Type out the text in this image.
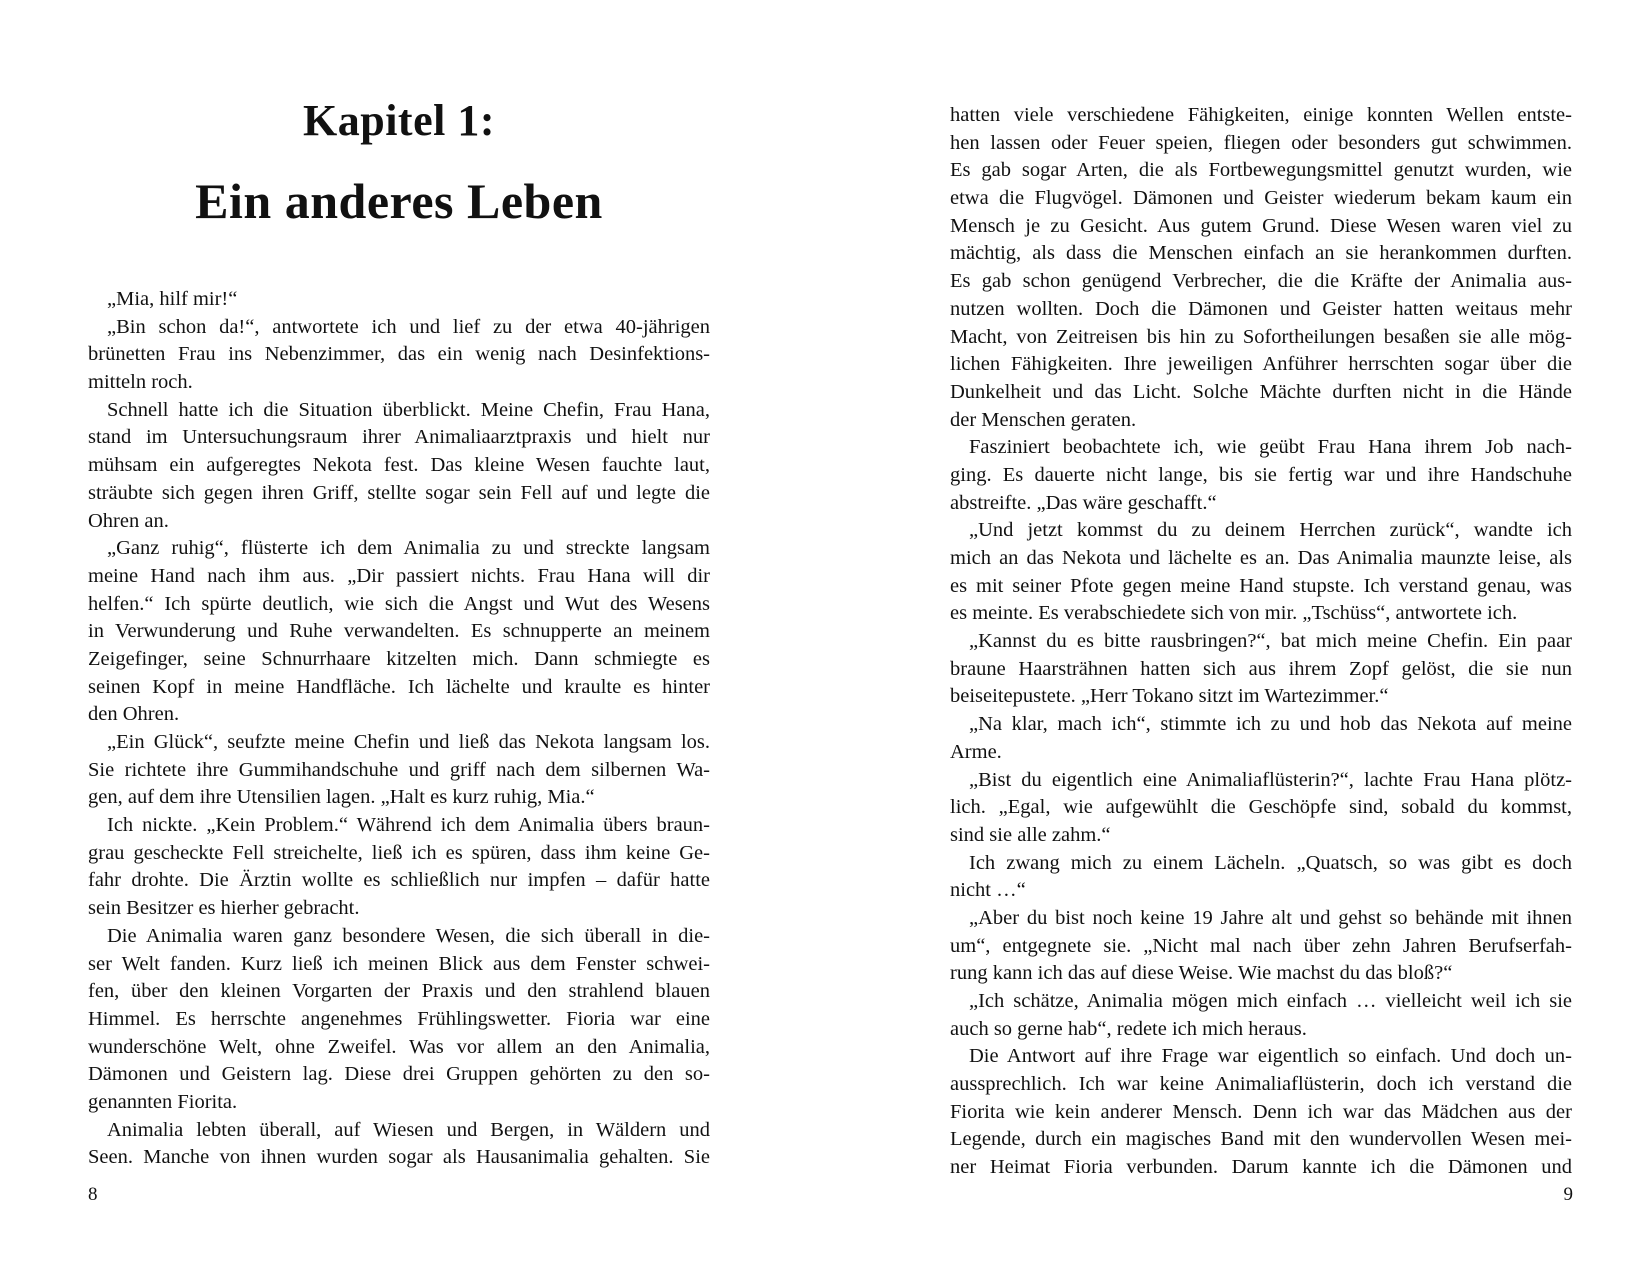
Kapitel 1:
Ein anderes Leben
„Mia, hilf mir!“
„Bin schon da!“, antwortete ich und lief zu der etwa 40-jährigen
brünetten Frau ins Nebenzimmer, das ein wenig nach Desinfektions-
mitteln roch.
Schnell hatte ich die Situation überblickt. Meine Chefin, Frau Hana,
stand im Untersuchungsraum ihrer Animaliaarztpraxis und hielt nur
mühsam ein aufgeregtes Nekota fest. Das kleine Wesen fauchte laut,
sträubte sich gegen ihren Griff, stellte sogar sein Fell auf und legte die
Ohren an.
„Ganz ruhig“, flüsterte ich dem Animalia zu und streckte langsam
meine Hand nach ihm aus. „Dir passiert nichts. Frau Hana will dir
helfen.“ Ich spürte deutlich, wie sich die Angst und Wut des Wesens
in Verwunderung und Ruhe verwandelten. Es schnupperte an meinem
Zeigefinger, seine Schnurrhaare kitzelten mich. Dann schmiegte es
seinen Kopf in meine Handfläche. Ich lächelte und kraulte es hinter
den Ohren.
„Ein Glück“, seufzte meine Chefin und ließ das Nekota langsam los.
Sie richtete ihre Gummihandschuhe und griff nach dem silbernen Wa-
gen, auf dem ihre Utensilien lagen. „Halt es kurz ruhig, Mia.“
Ich nickte. „Kein Problem.“ Während ich dem Animalia übers braun-
grau gescheckte Fell streichelte, ließ ich es spüren, dass ihm keine Ge-
fahr drohte. Die Ärztin wollte es schließlich nur impfen – dafür hatte
sein Besitzer es hierher gebracht.
Die Animalia waren ganz besondere Wesen, die sich überall in die-
ser Welt fanden. Kurz ließ ich meinen Blick aus dem Fenster schwei-
fen, über den kleinen Vorgarten der Praxis und den strahlend blauen
Himmel. Es herrschte angenehmes Frühlingswetter. Fioria war eine
wunderschöne Welt, ohne Zweifel. Was vor allem an den Animalia,
Dämonen und Geistern lag. Diese drei Gruppen gehörten zu den so-
genannten Fiorita.
Animalia lebten überall, auf Wiesen und Bergen, in Wäldern und
Seen. Manche von ihnen wurden sogar als Hausanimalia gehalten. Sie
8
hatten viele verschiedene Fähigkeiten, einige konnten Wellen entste-
hen lassen oder Feuer speien, fliegen oder besonders gut schwimmen.
Es gab sogar Arten, die als Fortbewegungsmittel genutzt wurden, wie
etwa die Flugvögel. Dämonen und Geister wiederum bekam kaum ein
Mensch je zu Gesicht. Aus gutem Grund. Diese Wesen waren viel zu
mächtig, als dass die Menschen einfach an sie herankommen durften.
Es gab schon genügend Verbrecher, die die Kräfte der Animalia aus-
nutzen wollten. Doch die Dämonen und Geister hatten weitaus mehr
Macht, von Zeitreisen bis hin zu Sofortheilungen besaßen sie alle mög-
lichen Fähigkeiten. Ihre jeweiligen Anführer herrschten sogar über die
Dunkelheit und das Licht. Solche Mächte durften nicht in die Hände
der Menschen geraten.
Fasziniert beobachtete ich, wie geübt Frau Hana ihrem Job nach-
ging. Es dauerte nicht lange, bis sie fertig war und ihre Handschuhe
abstreifte. „Das wäre geschafft.“
„Und jetzt kommst du zu deinem Herrchen zurück“, wandte ich
mich an das Nekota und lächelte es an. Das Animalia maunzte leise, als
es mit seiner Pfote gegen meine Hand stupste. Ich verstand genau, was
es meinte. Es verabschiedete sich von mir. „Tschüss“, antwortete ich.
„Kannst du es bitte rausbringen?“, bat mich meine Chefin. Ein paar
braune Haarsträhnen hatten sich aus ihrem Zopf gelöst, die sie nun
beiseitepustete. „Herr Tokano sitzt im Wartezimmer.“
„Na klar, mach ich“, stimmte ich zu und hob das Nekota auf meine
Arme.
„Bist du eigentlich eine Animaliaflüsterin?“, lachte Frau Hana plötz-
lich. „Egal, wie aufgewühlt die Geschöpfe sind, sobald du kommst,
sind sie alle zahm.“
Ich zwang mich zu einem Lächeln. „Quatsch, so was gibt es doch
nicht …“
„Aber du bist noch keine 19 Jahre alt und gehst so behände mit ihnen
um“, entgegnete sie. „Nicht mal nach über zehn Jahren Berufserfah-
rung kann ich das auf diese Weise. Wie machst du das bloß?“
„Ich schätze, Animalia mögen mich einfach … vielleicht weil ich sie
auch so gerne hab“, redete ich mich heraus.
Die Antwort auf ihre Frage war eigentlich so einfach. Und doch un-
aussprechlich. Ich war keine Animaliaflüsterin, doch ich verstand die
Fiorita wie kein anderer Mensch. Denn ich war das Mädchen aus der
Legende, durch ein magisches Band mit den wundervollen Wesen mei-
ner Heimat Fioria verbunden. Darum kannte ich die Dämonen und
9
